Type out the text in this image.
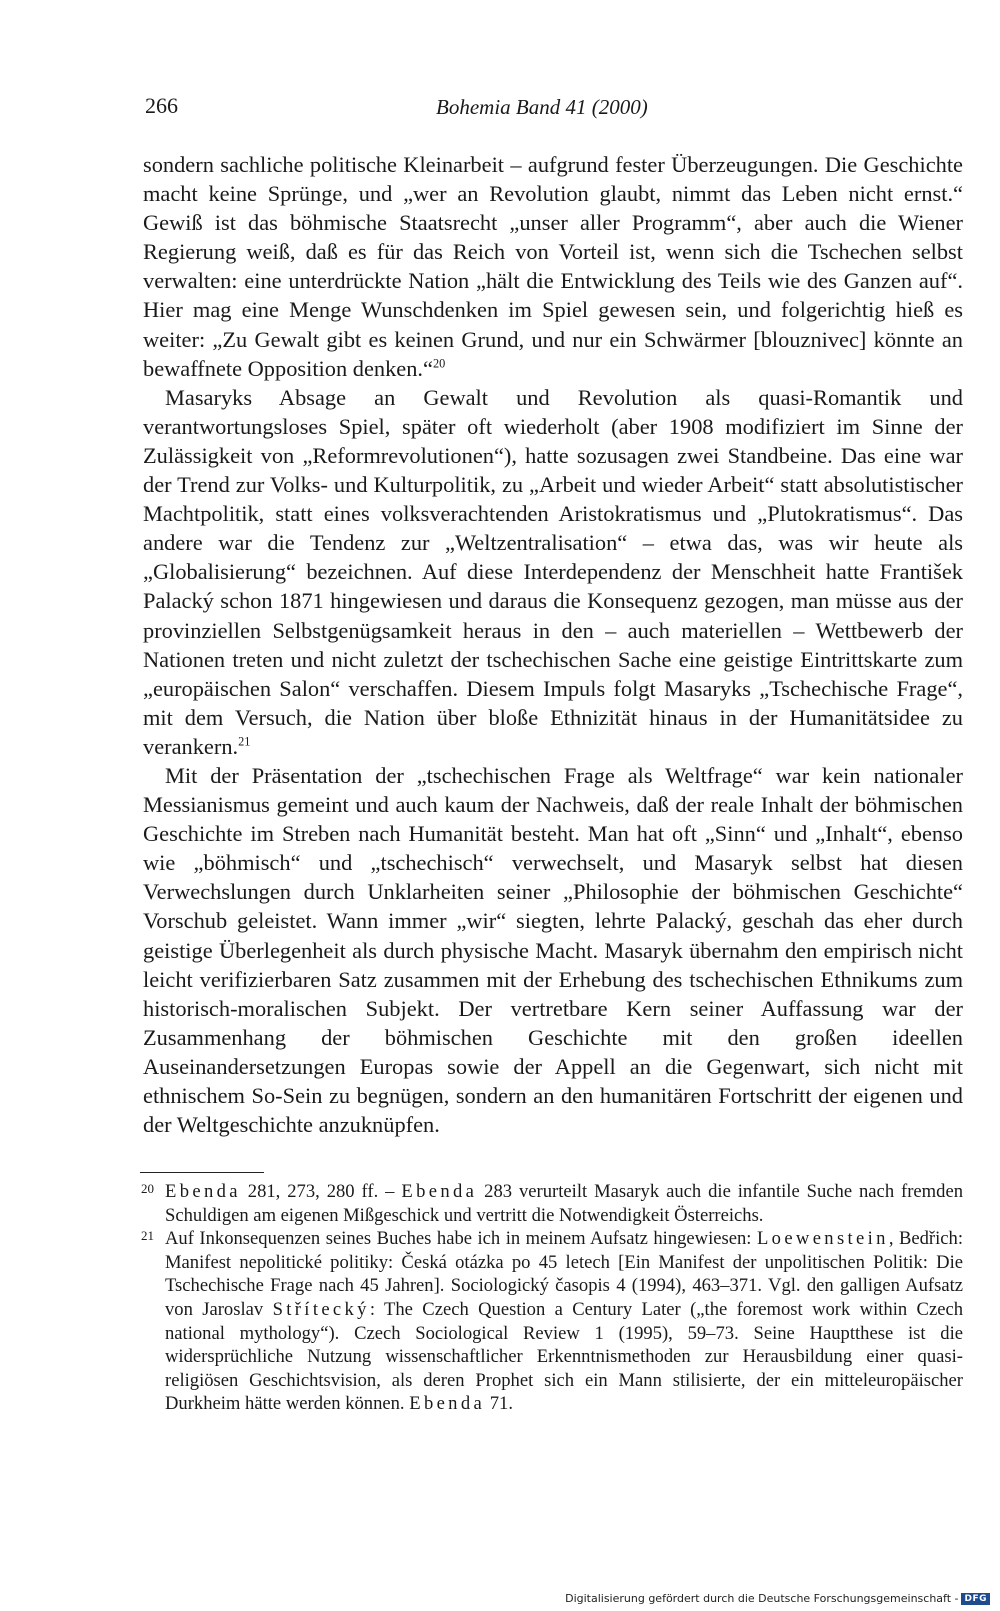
266	Bohemia Band 41 (2000)

sondern sachliche politische Kleinarbeit – aufgrund fester Überzeugungen. Die Geschichte macht keine Sprünge, und „wer an Revolution glaubt, nimmt das Leben nicht ernst.“ Gewiß ist das böhmische Staatsrecht „unser aller Programm“, aber auch die Wiener Regierung weiß, daß es für das Reich von Vorteil ist, wenn sich die Tschechen selbst verwalten: eine unterdrückte Nation „hält die Entwicklung des Teils wie des Ganzen auf“. Hier mag eine Menge Wunschdenken im Spiel gewesen sein, und folgerichtig hieß es weiter: „Zu Gewalt gibt es keinen Grund, und nur ein Schwärmer [blouznivec] könnte an bewaffnete Opposition denken.“$^{20}$

Masaryks Absage an Gewalt und Revolution als quasi-Romantik und verantwortungsloses Spiel, später oft wiederholt (aber 1908 modifiziert im Sinne der Zulässigkeit von „Reformrevolutionen“), hatte sozusagen zwei Standbeine. Das eine war der Trend zur Volks- und Kulturpolitik, zu „Arbeit und wieder Arbeit“ statt absolutistischer Machtpolitik, statt eines volksverachtenden Aristokratismus und „Plutokratismus“. Das andere war die Tendenz zur „Weltzentralisation“ – etwa das, was wir heute als „Globalisierung“ bezeichnen. Auf diese Interdependenz der Menschheit hatte František Palacký schon 1871 hingewiesen und daraus die Konsequenz gezogen, man müsse aus der provinziellen Selbstgenügsamkeit heraus in den – auch materiellen – Wettbewerb der Nationen treten und nicht zuletzt der tschechischen Sache eine geistige Eintrittskarte zum „europäischen Salon“ verschaffen. Diesem Impuls folgt Masaryks „Tschechische Frage“, mit dem Versuch, die Nation über bloße Ethnizität hinaus in der Humanitätsidee zu verankern.$^{21}$

Mit der Präsentation der „tschechischen Frage als Weltfrage“ war kein nationaler Messianismus gemeint und auch kaum der Nachweis, daß der reale Inhalt der böhmischen Geschichte im Streben nach Humanität besteht. Man hat oft „Sinn“ und „Inhalt“, ebenso wie „böhmisch“ und „tschechisch“ verwechselt, und Masaryk selbst hat diesen Verwechslungen durch Unklarheiten seiner „Philosophie der böhmischen Geschichte“ Vorschub geleistet. Wann immer „wir“ siegten, lehrte Palacký, geschah das eher durch geistige Überlegenheit als durch physische Macht. Masaryk übernahm den empirisch nicht leicht verifizierbaren Satz zusammen mit der Erhebung des tschechischen Ethnikums zum historisch-moralischen Subjekt. Der vertretbare Kern seiner Auffassung war der Zusammenhang der böhmischen Geschichte mit den großen ideellen Auseinandersetzungen Europas sowie der Appell an die Gegenwart, sich nicht mit ethnischem So-Sein zu begnügen, sondern an den humanitären Fortschritt der eigenen und der Weltgeschichte anzuknüpfen.

20 Ebenda 281, 273, 280 ff. – Ebenda 283 verurteilt Masaryk auch die infantile Suche nach fremden Schuldigen am eigenen Mißgeschick und vertritt die Notwendigkeit Österreichs.

21 Auf Inkonsequenzen seines Buches habe ich in meinem Aufsatz hingewiesen: Loewenstein, Bedřich: Manifest nepolitické politiky: Česká otázka po 45 letech [Ein Manifest der unpolitischen Politik: Die Tschechische Frage nach 45 Jahren]. Sociologický časopis 4 (1994), 463–371. Vgl. den galligen Aufsatz von Jaroslav Střítecký: The Czech Question a Century Later („the foremost work within Czech national mythology“). Czech Sociological Review 1 (1995), 59–73. Seine Hauptthese ist die widersprüchliche Nutzung wissenschaftlicher Erkenntnismethoden zur Herausbildung einer quasi-religiösen Geschichtsvision, als deren Prophet sich ein Mann stilisierte, der ein mitteleuropäischer Durkheim hätte werden können. Ebenda 71.

Digitalisierung gefördert durch die Deutsche Forschungsgemeinschaft - DFG
